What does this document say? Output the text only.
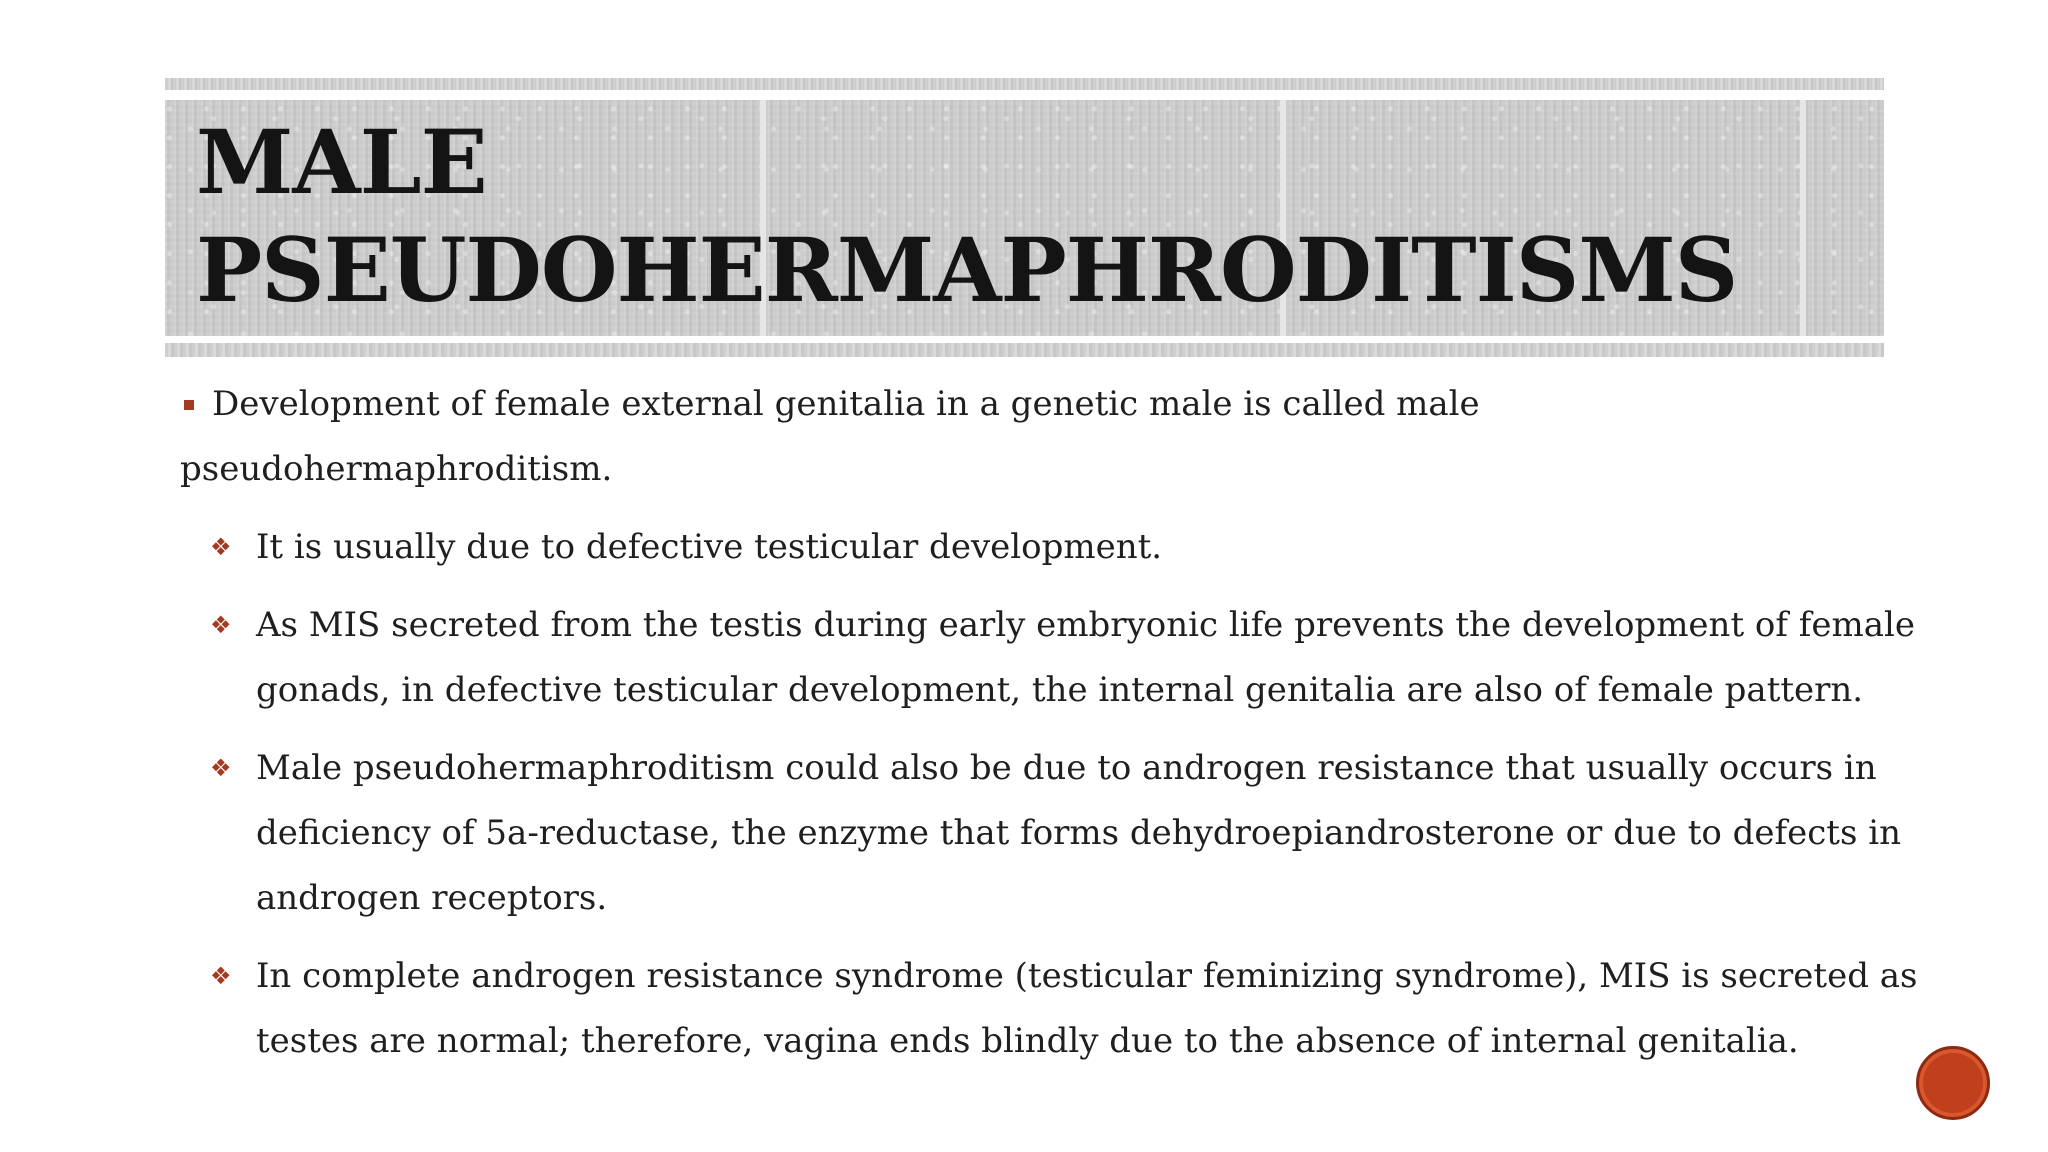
MALE
PSEUDOHERMAPHRODITISMS

Development of female external genitalia in a genetic male is called male pseudohermaphroditism.

❖ It is usually due to defective testicular development.
❖ As MIS secreted from the testis during early embryonic life prevents the development of female gonads, in defective testicular development, the internal genitalia are also of female pattern.
❖ Male pseudohermaphroditism could also be due to androgen resistance that usually occurs in deficiency of 5a-reductase, the enzyme that forms dehydroepiandrosterone or due to defects in androgen receptors.
❖ In complete androgen resistance syndrome (testicular feminizing syndrome), MIS is secreted as testes are normal; therefore, vagina ends blindly due to the absence of internal genitalia.
